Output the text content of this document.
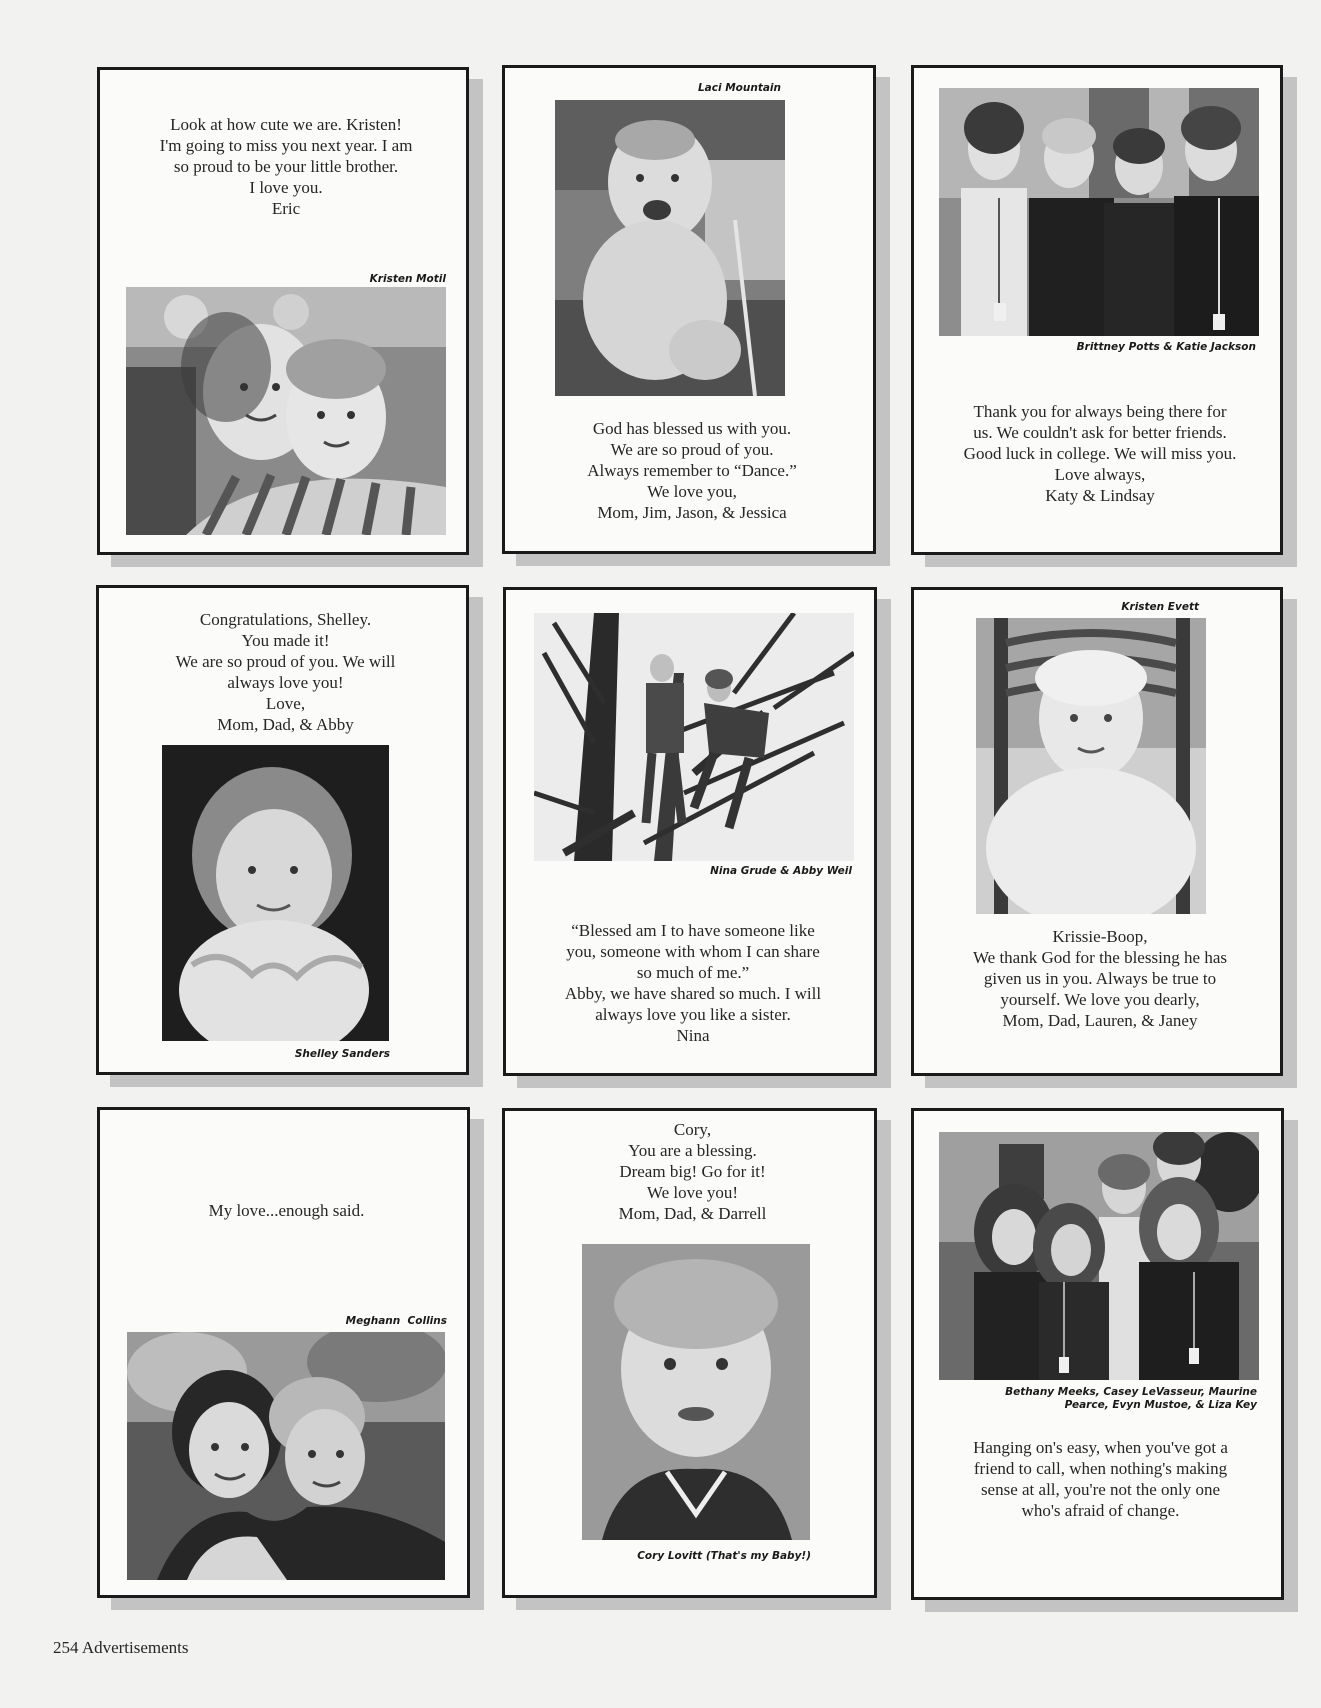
Look at how cute we are. Kristen!
I'm going to miss you next year. I am
so proud to be your little brother.
I love you.
Eric
Kristen Motil
Laci Mountain
God has blessed us with you.
We are so proud of you.
Always remember to “Dance.”
We love you,
Mom, Jim, Jason, & Jessica
Brittney Potts & Katie Jackson
Thank you for always being there for
us. We couldn't ask for better friends.
Good luck in college. We will miss you.
Love always,
Katy & Lindsay
Congratulations, Shelley.
You made it!
We are so proud of you. We will
always love you!
Love,
Mom, Dad, & Abby
Shelley Sanders
Nina Grude & Abby Weil
“Blessed am I to have someone like
you, someone with whom I can share
so much of me.”
Abby, we have shared so much. I will
always love you like a sister.
Nina
Kristen Evett
Krissie-Boop,
We thank God for the blessing he has
given us in you. Always be true to
yourself. We love you dearly,
Mom, Dad, Lauren, & Janey
My love...enough said.
Meghann  Collins
Cory,
You are a blessing.
Dream big! Go for it!
We love you!
Mom, Dad, & Darrell
Cory Lovitt (That's my Baby!)
Bethany Meeks, Casey LeVasseur, Maurine
Pearce, Evyn Mustoe, & Liza Key
Hanging on's easy, when you've got a
friend to call, when nothing's making
sense at all, you're not the only one
who's afraid of change.
254 Advertisements
